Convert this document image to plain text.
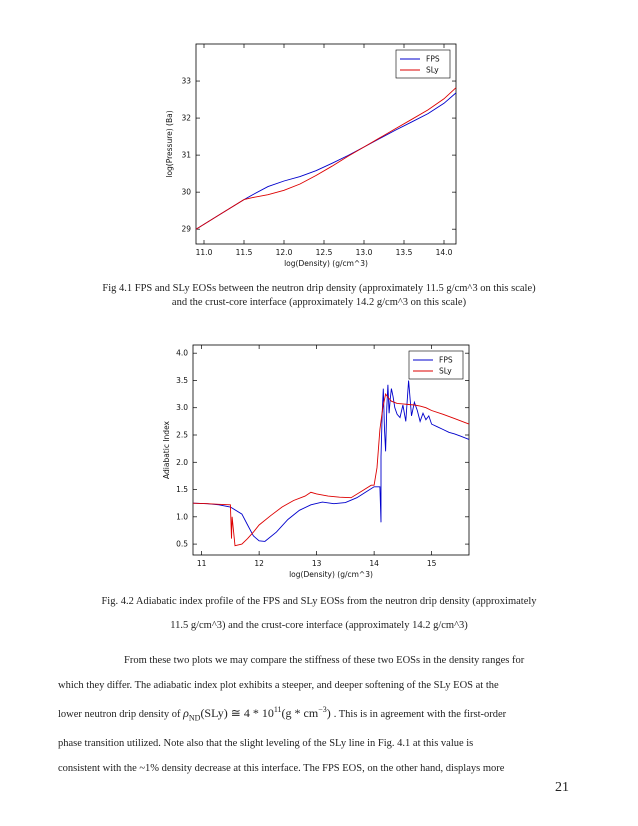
11.0	11.5	12.0	12.5	13.0	13.5	14.0
29
30
31
32
33
log(Density) (g/cm^3)
log(Pressure) (Ba)
FPS
SLy
Fig 4.1 FPS and SLy EOSs between the neutron drip density (approximately 11.5 g/cm^3 on this scale)
and the crust-core interface (approximately 14.2 g/cm^3 on this scale)
11	12	13	14	15
0.5
1.0
1.5
2.0
2.5
3.0
3.5
4.0
log(Density) (g/cm^3)
Adiabatic Index
FPS
SLy
Fig. 4.2 Adiabatic index profile of the FPS and SLy EOSs from the neutron drip density (approximately
11.5 g/cm^3) and the crust-core interface (approximately 14.2 g/cm^3)
From these two plots we may compare the stiffness of these two EOSs in the density ranges for
which they differ. The adiabatic index plot exhibits a steeper, and deeper softening of the SLy EOS at the
lower neutron drip density of $\rho_{ND}(SLy)$ ≅ $4 * 10^{11}(g * cm^{-3})$ . This is in agreement with the first-order
phase transition utilized. Note also that the slight leveling of the SLy line in Fig. 4.1 at this value is
consistent with the ~1% density decrease at this interface. The FPS EOS, on the other hand, displays more
21
